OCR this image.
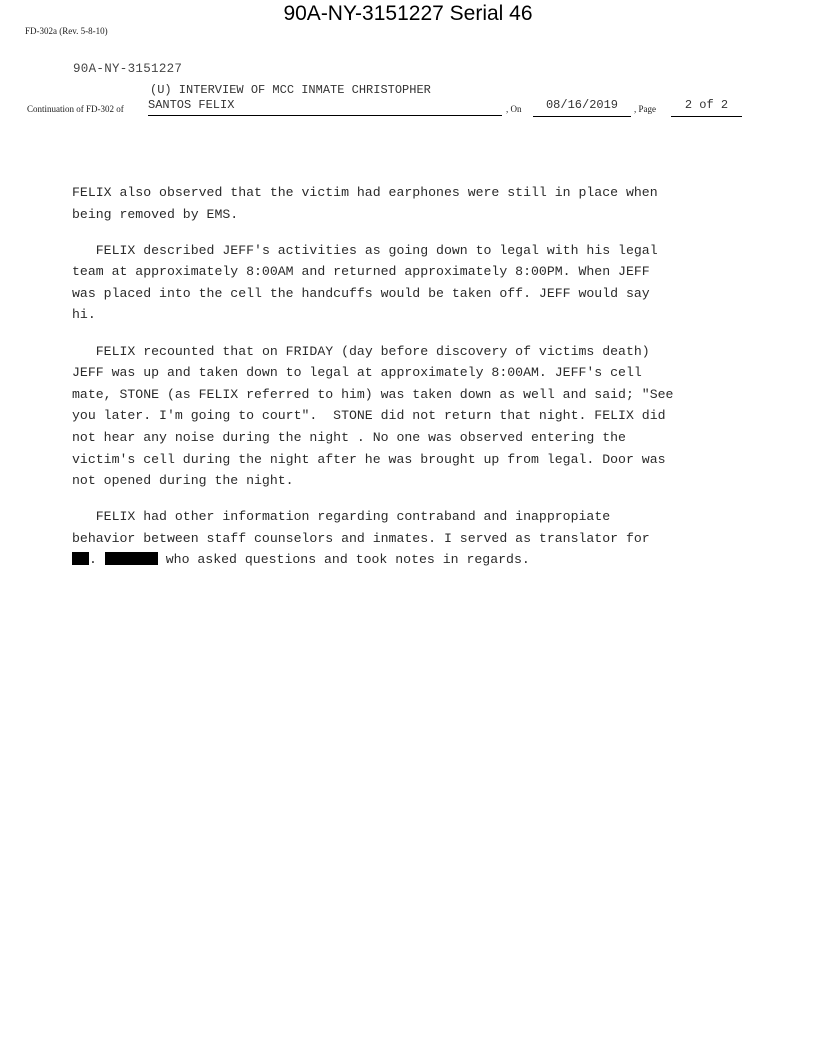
90A-NY-3151227 Serial 46
FD-302a (Rev. 5-8-10)
90A-NY-3151227
(U) INTERVIEW OF MCC INMATE CHRISTOPHER
Continuation of FD-302 of SANTOS FELIX	, On	08/16/2019	, Page	2 of 2

FELIX also observed that the victim had earphones were still in place when
being removed by EMS.

FELIX described JEFF's activities as going down to legal with his legal
team at approximately 8:00AM and returned approximately 8:00PM. When JEFF
was placed into the cell the handcuffs would be taken off. JEFF would say
hi.

FELIX recounted that on FRIDAY (day before discovery of victims death)
JEFF was up and taken down to legal at approximately 8:00AM. JEFF's cell
mate, STONE (as FELIX referred to him) was taken down as well and said; "See
you later. I'm going to court".  STONE did not return that night. FELIX did
not hear any noise during the night . No one was observed entering the
victim's cell during the night after he was brought up from legal. Door was
not opened during the night.

FELIX had other information regarding contraband and inappropiate
behavior between staff counselors and inmates. I served as translator for
.	who asked questions and took notes in regards.
